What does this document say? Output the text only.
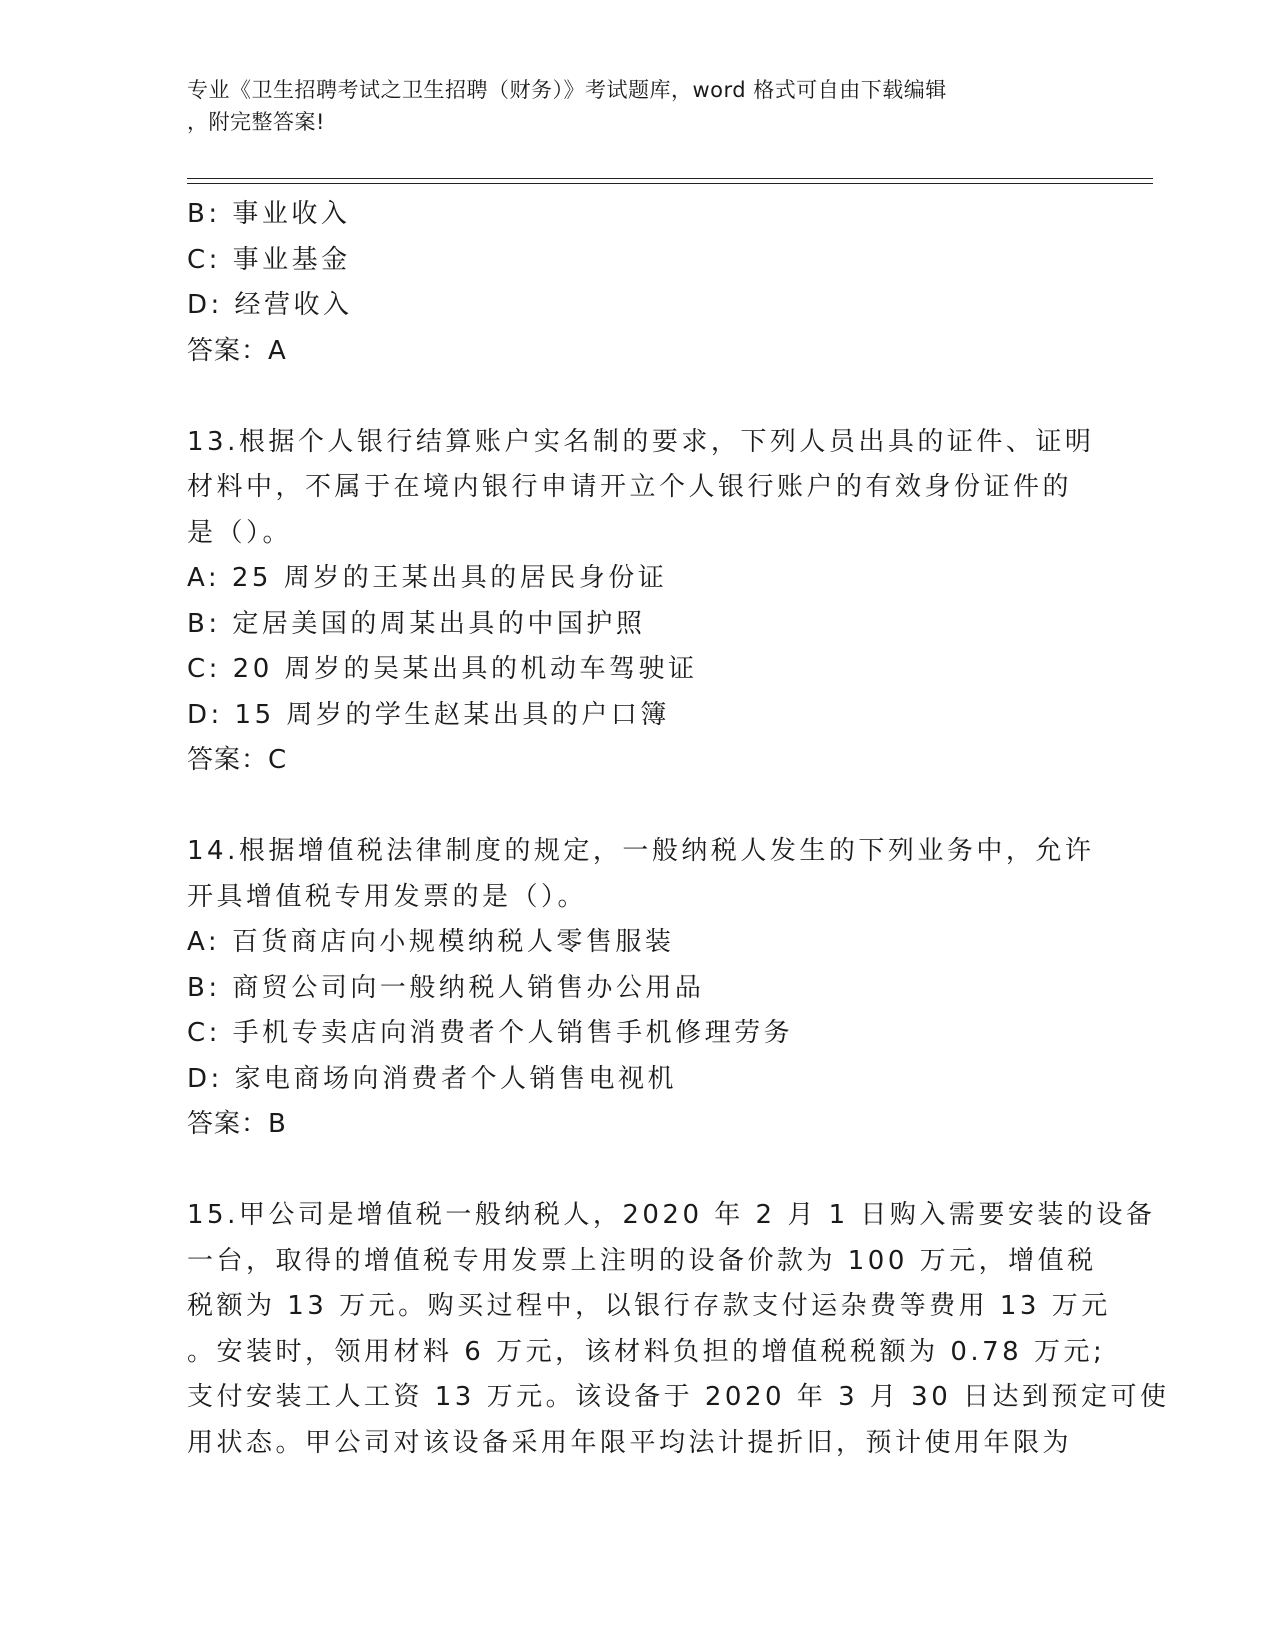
专业《卫生招聘考试之卫生招聘（财务）》考试题库，word 格式可自由下载编辑
，附完整答案!
B: 事业收入
C: 事业基金
D: 经营收入
答案：A
13.根据个人银行结算账户实名制的要求，下列人员出具的证件、证明
材料中，不属于在境内银行申请开立个人银行账户的有效身份证件的
是（）。
A: 25 周岁的王某出具的居民身份证
B: 定居美国的周某出具的中国护照
C: 20 周岁的吴某出具的机动车驾驶证
D: 15 周岁的学生赵某出具的户口簿
答案：C
14.根据增值税法律制度的规定，一般纳税人发生的下列业务中，允许
开具增值税专用发票的是（）。
A: 百货商店向小规模纳税人零售服装
B: 商贸公司向一般纳税人销售办公用品
C: 手机专卖店向消费者个人销售手机修理劳务
D: 家电商场向消费者个人销售电视机
答案：B
15.甲公司是增值税一般纳税人，2020 年 2 月 1 日购入需要安装的设备
一台，取得的增值税专用发票上注明的设备价款为 100 万元，增值税
税额为 13 万元。购买过程中，以银行存款支付运杂费等费用 13 万元
。安装时，领用材料 6 万元，该材料负担的增值税税额为 0.78 万元;
支付安装工人工资 13 万元。该设备于 2020 年 3 月 30 日达到预定可使
用状态。甲公司对该设备采用年限平均法计提折旧，预计使用年限为
